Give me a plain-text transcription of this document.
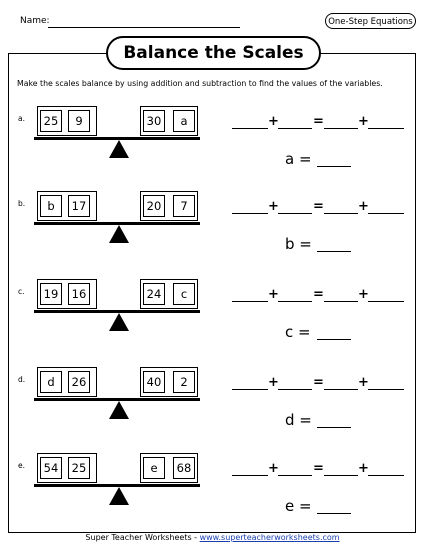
Name:	One-Step Equations
Balance the Scales
Make the scales balance by using addition and subtraction to find the values of the variables.
a.	25	9	30	a	+	=	+
a =
b.	b	17	20	7	+	=	+
b =
c.	19	16	24	c	+	=	+
c =
d.	d	26	40	2	+	=	+
d =
e.	54	25	e	68	+	=	+
e =
Super Teacher Worksheets - www.superteacherworksheets.com
